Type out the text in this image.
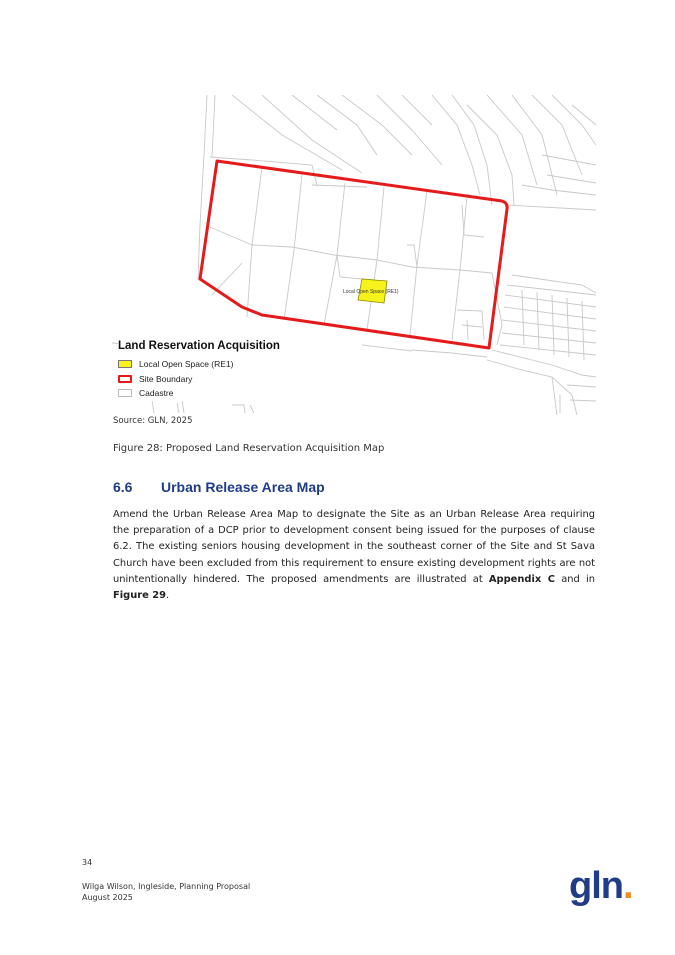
Local Open Space (RE1)
Land Reservation Acquisition
Local Open Space (RE1)
Site Boundary
Cadastre
Source: GLN, 2025
Figure 28: Proposed Land Reservation Acquisition Map
6.6 Urban Release Area Map
Amend the Urban Release Area Map to designate the Site as an Urban Release Area requiring the preparation of a DCP prior to development consent being issued for the purposes of clause 6.2. The existing seniors housing development in the southeast corner of the Site and St Sava Church have been excluded from this requirement to ensure existing development rights are not unintentionally hindered. The proposed amendments are illustrated at Appendix C and in Figure 29.
34
Wilga Wilson, Ingleside, Planning Proposal
August 2025	gln.
